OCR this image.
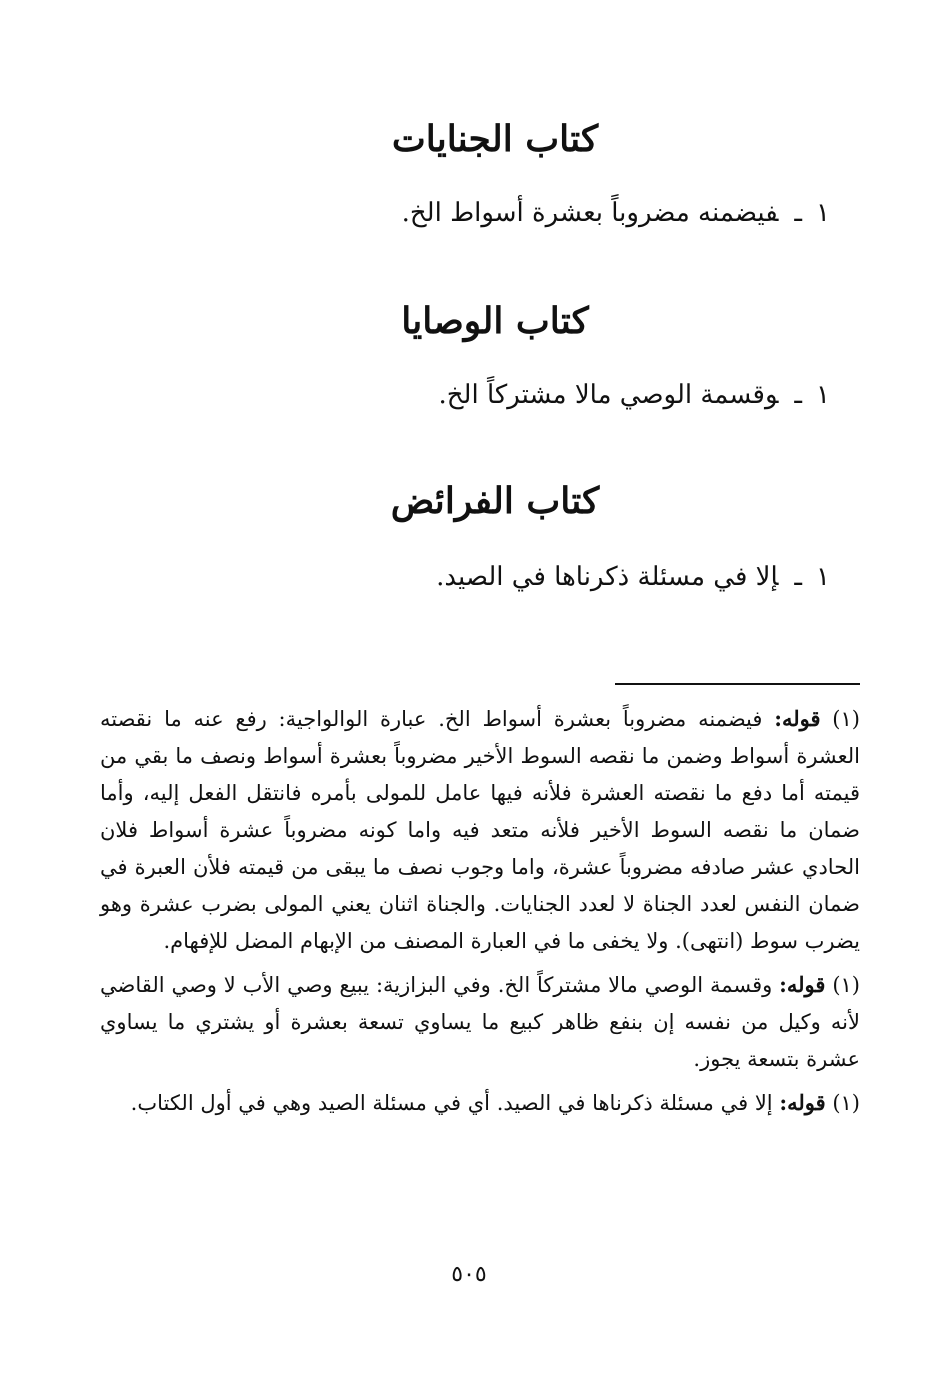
كتاب الجنايات
١ـفيضمنه مضروباً بعشرة أسواط الخ.
كتاب الوصايا
١ـوقسمة الوصي مالا مشتركاً الخ.
كتاب الفرائض
١ـإلا في مسئلة ذكرناها في الصيد.

(١) قوله: فيضمنه مضروباً بعشرة أسواط الخ. عبارة الوالواجية: رفع عنه ما نقصته العشرة أسواط وضمن ما نقصه السوط الأخير مضروباً بعشرة أسواط ونصف ما بقي من قيمته أما دفع ما نقصته العشرة فلأنه فيها عامل للمولى بأمره فانتقل الفعل إليه، وأما ضمان ما نقصه السوط الأخير فلأنه متعد فيه واما كونه مضروباً عشرة أسواط فلان الحادي عشر صادفه مضروباً عشرة، واما وجوب نصف ما يبقى من قيمته فلأن العبرة في ضمان النفس لعدد الجناة لا لعدد الجنايات. والجناة اثنان يعني المولى بضرب عشرة وهو يضرب سوط (انتهى). ولا يخفى ما في العبارة المصنف من الإبهام المضل للإفهام.

(١) قوله: وقسمة الوصي مالا مشتركاً الخ. وفي البزازية: يبيع وصي الأب لا وصي القاضي لأنه وكيل من نفسه إن بنفع ظاهر كبيع ما يساوي تسعة بعشرة أو يشتري ما يساوي عشرة بتسعة يجوز.

(١) قوله: إلا في مسئلة ذكرناها في الصيد. أي في مسئلة الصيد وهي في أول الكتاب.

٥٠٥
